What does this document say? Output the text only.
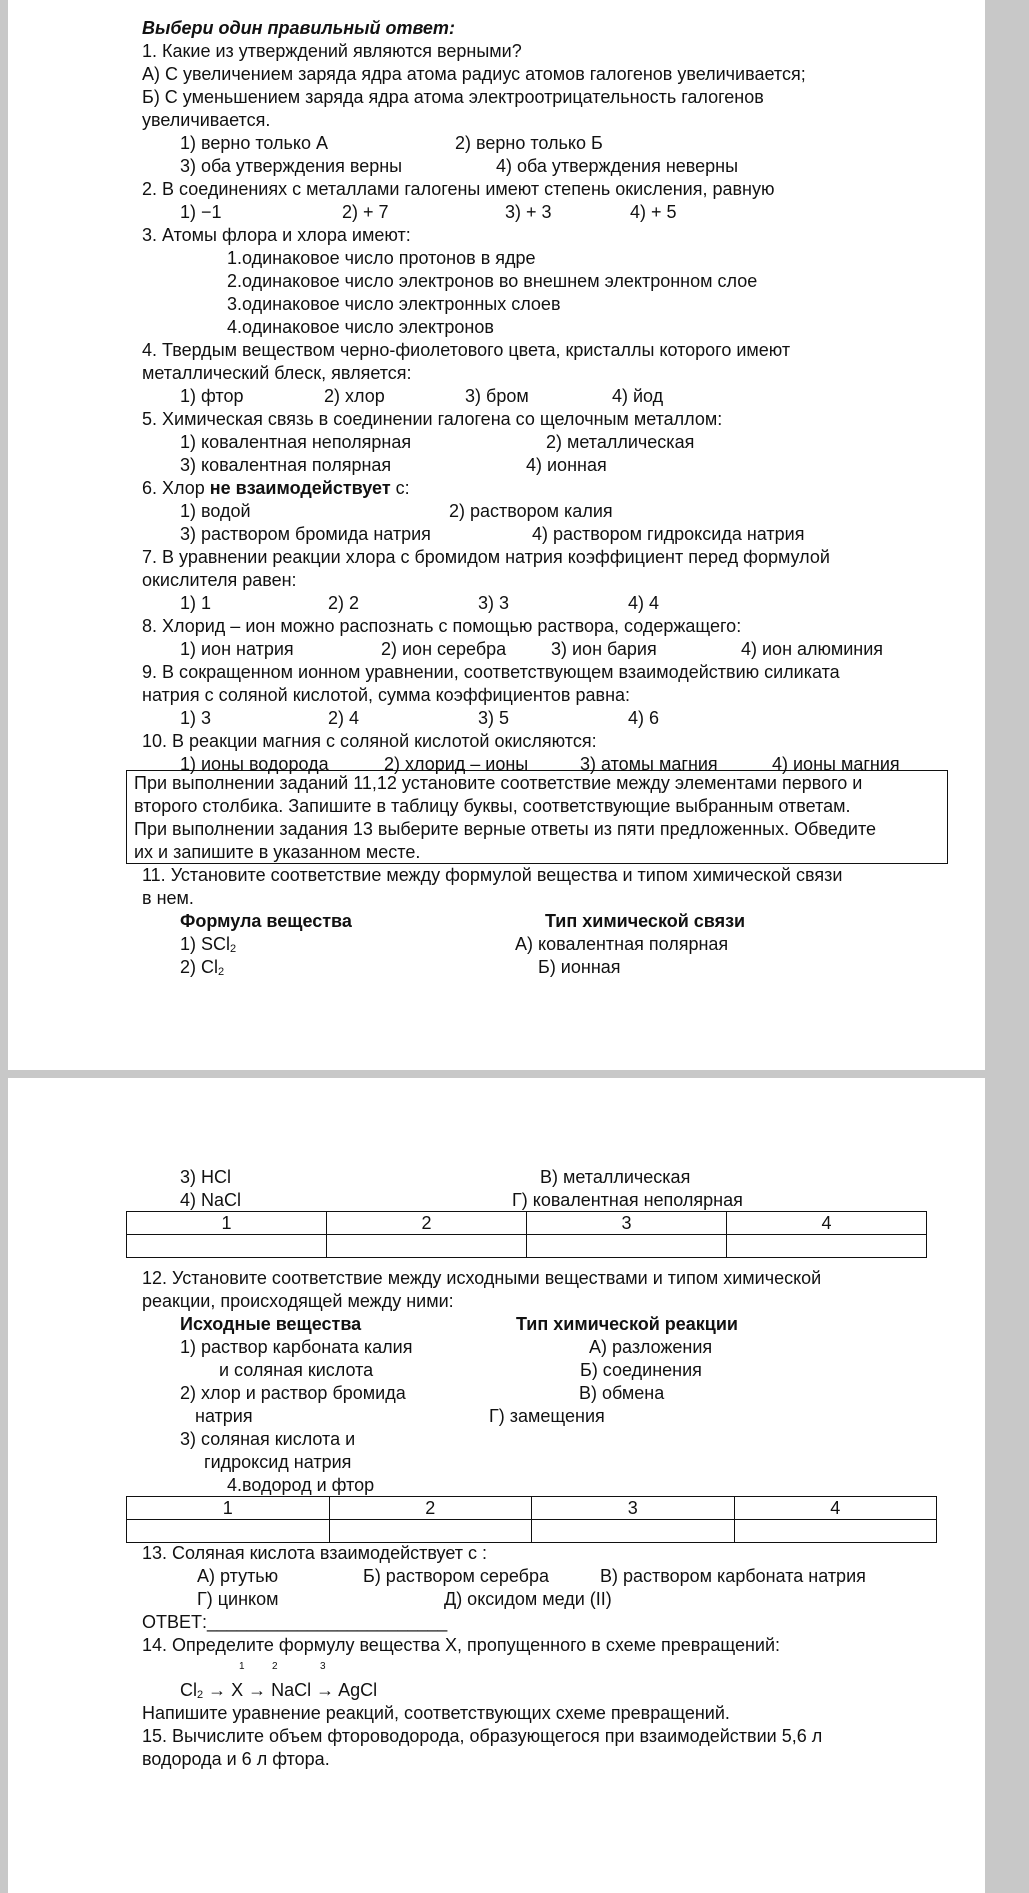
Выбери один правильный ответ:
1. Какие из утверждений являются верными?
А) С увеличением заряда ядра атома радиус атомов галогенов увеличивается;
Б) С уменьшением заряда ядра атома электроотрицательность галогенов
увеличивается.
1) верно только А	2) верно только Б
3) оба утверждения верны	4) оба утверждения неверны
2. В соединениях с металлами галогены имеют степень окисления, равную
1) −1	2) + 7	3) + 3	4) + 5
3. Атомы флора и хлора имеют:
1.одинаковое число протонов в ядре
2.одинаковое число электронов во внешнем электронном слое
3.одинаковое число электронных слоев
4.одинаковое число электронов
4. Твердым веществом черно-фиолетового цвета, кристаллы которого имеют
металлический блеск, является:
1) фтор	2) хлор	3) бром	4) йод
5. Химическая связь в соединении галогена со щелочным металлом:
1) ковалентная неполярная	2) металлическая
3) ковалентная полярная	4) ионная
6. Хлор не взаимодействует с:
1) водой	2) раствором калия
3) раствором бромида натрия	4) раствором гидроксида натрия
7. В уравнении реакции хлора с бромидом натрия коэффициент перед формулой
окислителя равен:
1) 1	2) 2	3) 3	4) 4
8. Хлорид – ион можно распознать с помощью раствора, содержащего:
1) ион натрия	2) ион серебра 3) ион бария	4) ион алюминия
9. В сокращенном ионном уравнении, соответствующем взаимодействию силиката
натрия с соляной кислотой, сумма коэффициентов равна:
1) 3	2) 4	3) 5	4) 6
10. В реакции магния с соляной кислотой окисляются:
1) ионы водорода	2) хлорид – ионы	3) атомы магния	4) ионы магния
При выполнении заданий 11,12 установите соответствие между элементами первого и
второго столбика. Запишите в таблицу буквы, соответствующие выбранным ответам.
При выполнении задания 13 выберите верные ответы из пяти предложенных. Обведите
их и запишите в указанном месте.
11. Установите соответствие между формулой вещества и типом химической связи
в нем.
Формула вещества	Тип химической связи
1) SCl2	А) ковалентная полярная
2) Cl2	Б) ионная
3) HCl	В) металлическая
4) NaCl	Г) ковалентная неполярная
1	2	3	4

12. Установите соответствие между исходными веществами и типом химической
реакции, происходящей между ними:
Исходные вещества	Тип химической реакции
1) раствор карбоната калия	А) разложения
и соляная кислота	Б) соединения
2) хлор и раствор бромида	В) обмена
натрия	Г) замещения
3) соляная кислота и
гидроксид натрия
4.водород и фтор
1	2	3	4

13. Соляная кислота взаимодействует с :
А) ртутью	Б) раствором серебра	В) раствором карбоната натрия
Г) цинком	Д) оксидом меди (II)
ОТВЕТ:________________________
14. Определите формулу вещества Х, пропущенного в схеме превращений:
1	2	3
Cl2 → X → NaCl → AgCl
Напишите уравнение реакций, соответствующих схеме превращений.
15. Вычислите объем фтороводорода, образующегося при взаимодействии 5,6 л
водорода и 6 л фтора.
